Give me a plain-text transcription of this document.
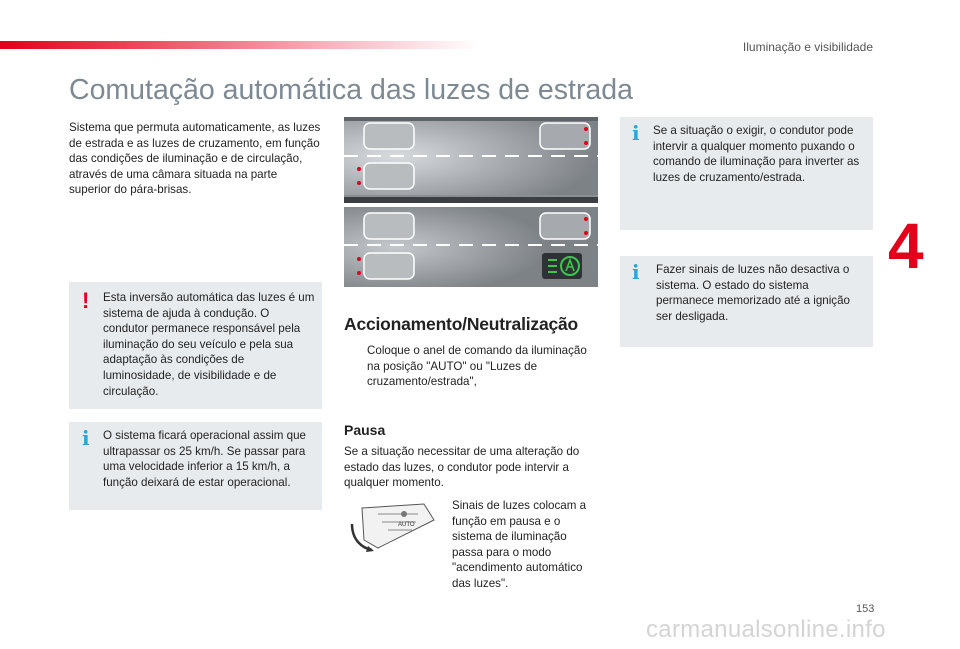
Iluminação e visibilidade
4
Comutação automática das luzes de estrada

Sistema que permuta automaticamente, as luzes de estrada e as luzes de cruzamento, em função das condições de iluminação e de circulação, através de uma câmara situada na parte superior do pára-brisas.

! Esta inversão automática das luzes é um sistema de ajuda à condução. O condutor permanece responsável pela iluminação do seu veículo e pela sua adaptação às condições de luminosidade, de visibilidade e de circulação.

i O sistema ficará operacional assim que ultrapassar os 25 km/h. Se passar para uma velocidade inferior a 15 km/h, a função deixará de estar operacional.

Accionamento/Neutralização

Coloque o anel de comando da iluminação na posição "AUTO" ou "Luzes de cruzamento/estrada",

Pausa

Se a situação necessitar de uma alteração do estado das luzes, o condutor pode intervir a qualquer momento.

AUTO

Sinais de luzes colocam a função em pausa e o sistema de iluminação passa para o modo "acendimento automático das luzes".

i Se a situação o exigir, o condutor pode intervir a qualquer momento puxando o comando de iluminação para inverter as luzes de cruzamento/estrada.

i Fazer sinais de luzes não desactiva o sistema. O estado do sistema permanece memorizado até a ignição ser desligada.

153
carmanualsonline.info
